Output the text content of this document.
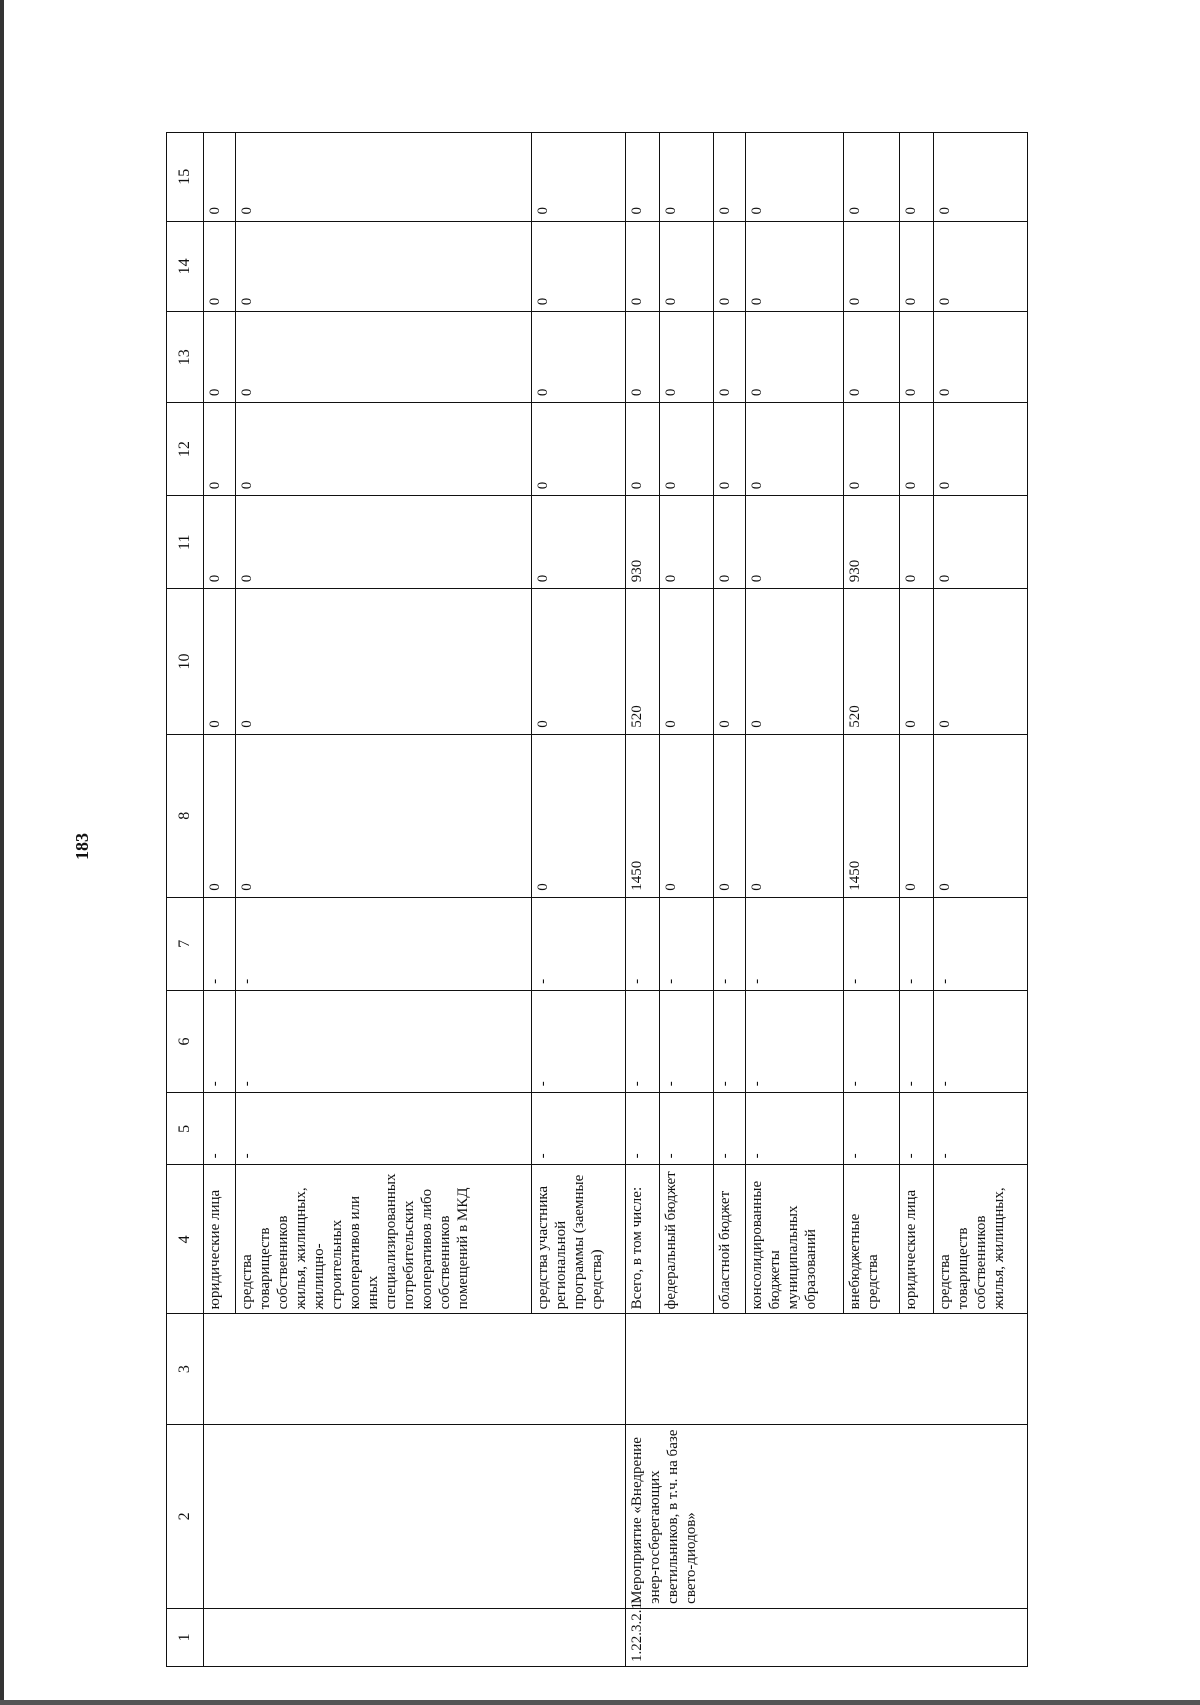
183
1	2	3	4	5	6	7	8	10	11	12	13	14	15
			юридические лица	-	-	-	0	0	0	0	0	0	0
			средства товариществ собственников жилья, жилищных, жилищно-строительных кооперативов или иных специализированных потребительских кооперативов либо собственников помещений в МКД	-	-	-	0	0	0	0	0	0	0
			средства участника региональной программы (заемные средства)	-	-	-	0	0	0	0	0	0	0
1.22.3.2.1.	Мероприятие «Внедрение энер-госберегающих светильников, в т.ч. на базе свето-диодов»		Всего, в том числе:	-	-	-	1450	520	930	0	0	0	0
			федеральный бюджет	-	-	-	0	0	0	0	0	0	0
			областной бюджет	-	-	-	0	0	0	0	0	0	0
			консолидированные бюджеты муниципальных образований	-	-	-	0	0	0	0	0	0	0
			внебюджетные средства	-	-	-	1450	520	930	0	0	0	0
			юридические лица	-	-	-	0	0	0	0	0	0	0
			средства товариществ собственников жилья, жилищных,	-	-	-	0	0	0	0	0	0	0
